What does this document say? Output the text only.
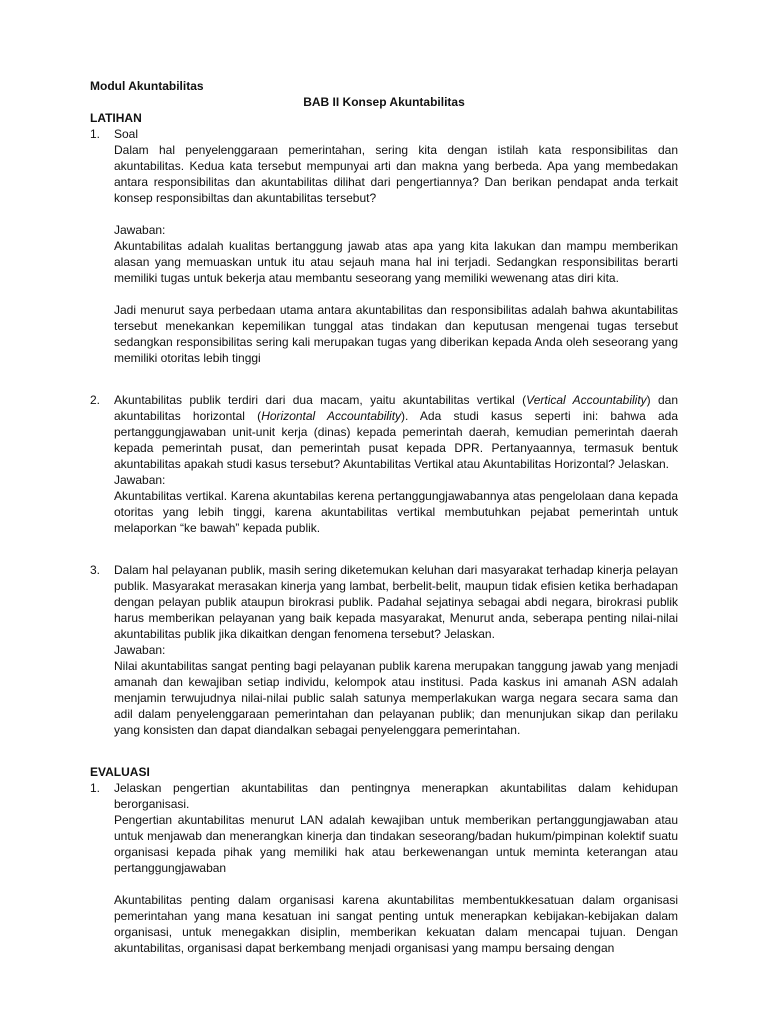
Modul Akuntabilitas

BAB II Konsep Akuntabilitas

LATIHAN

1.	Soal

Dalam hal penyelenggaraan pemerintahan, sering kita dengan istilah kata responsibilitas dan akuntabilitas. Kedua kata tersebut mempunyai arti dan makna yang berbeda. Apa yang membedakan antara responsibilitas dan akuntabilitas dilihat dari pengertiannya? Dan berikan pendapat anda terkait konsep responsibiltas dan akuntabilitas tersebut?

Jawaban:

Akuntabilitas adalah kualitas bertanggung jawab atas apa yang kita lakukan dan mampu memberikan alasan yang memuaskan untuk itu atau sejauh mana hal ini terjadi. Sedangkan responsibilitas berarti memiliki tugas untuk bekerja atau membantu seseorang yang memiliki wewenang atas diri kita.

Jadi menurut saya perbedaan utama antara akuntabilitas dan responsibilitas adalah bahwa akuntabilitas tersebut menekankan kepemilikan tunggal atas tindakan dan keputusan mengenai tugas tersebut sedangkan responsibilitas sering kali merupakan tugas yang diberikan kepada Anda oleh seseorang yang memiliki otoritas lebih tinggi

2.	Akuntabilitas publik terdiri dari dua macam, yaitu akuntabilitas vertikal (Vertical Accountability) dan akuntabilitas horizontal (Horizontal Accountability). Ada studi kasus seperti ini: bahwa ada pertanggungjawaban unit-unit kerja (dinas) kepada pemerintah daerah, kemudian pemerintah daerah kepada pemerintah pusat, dan pemerintah pusat kepada DPR. Pertanyaannya, termasuk bentuk akuntabilitas apakah studi kasus tersebut? Akuntabilitas Vertikal atau Akuntabilitas Horizontal? Jelaskan.

Jawaban:

Akuntabilitas vertikal. Karena akuntabilas kerena pertanggungjawabannya atas pengelolaan dana kepada otoritas yang lebih tinggi, karena akuntabilitas vertikal membutuhkan pejabat pemerintah untuk melaporkan “ke bawah” kepada publik.

3.	Dalam hal pelayanan publik, masih sering diketemukan keluhan dari masyarakat terhadap kinerja pelayan publik. Masyarakat merasakan kinerja yang lambat, berbelit-belit, maupun tidak efisien ketika berhadapan dengan pelayan publik ataupun birokrasi publik. Padahal sejatinya sebagai abdi negara, birokrasi publik harus memberikan pelayanan yang baik kepada masyarakat, Menurut anda, seberapa penting nilai-nilai akuntabilitas publik jika dikaitkan dengan fenomena tersebut? Jelaskan.

Jawaban:

Nilai akuntabilitas sangat penting bagi pelayanan publik karena merupakan tanggung jawab yang menjadi amanah dan kewajiban setiap individu, kelompok atau institusi. Pada kaskus ini amanah ASN adalah menjamin terwujudnya nilai-nilai public salah satunya memperlakukan warga negara secara sama dan adil dalam penyelenggaraan pemerintahan dan pelayanan publik; dan menunjukan sikap dan perilaku yang konsisten dan dapat diandalkan sebagai penyelenggara pemerintahan.

EVALUASI

1.	Jelaskan pengertian akuntabilitas dan pentingnya menerapkan akuntabilitas dalam kehidupan berorganisasi.

Pengertian akuntabilitas menurut LAN adalah kewajiban untuk memberikan pertanggungjawaban atau untuk menjawab dan menerangkan kinerja dan tindakan seseorang/badan hukum/pimpinan kolektif suatu organisasi kepada pihak yang memiliki hak atau berkewenangan untuk meminta keterangan atau pertanggungjawaban

Akuntabilitas penting dalam organisasi karena akuntabilitas membentukkesatuan dalam organisasi pemerintahan yang mana kesatuan ini sangat penting untuk menerapkan kebijakan-kebijakan dalam organisasi, untuk menegakkan disiplin, memberikan kekuatan dalam mencapai tujuan. Dengan akuntabilitas, organisasi dapat berkembang menjadi organisasi yang mampu bersaing dengan
